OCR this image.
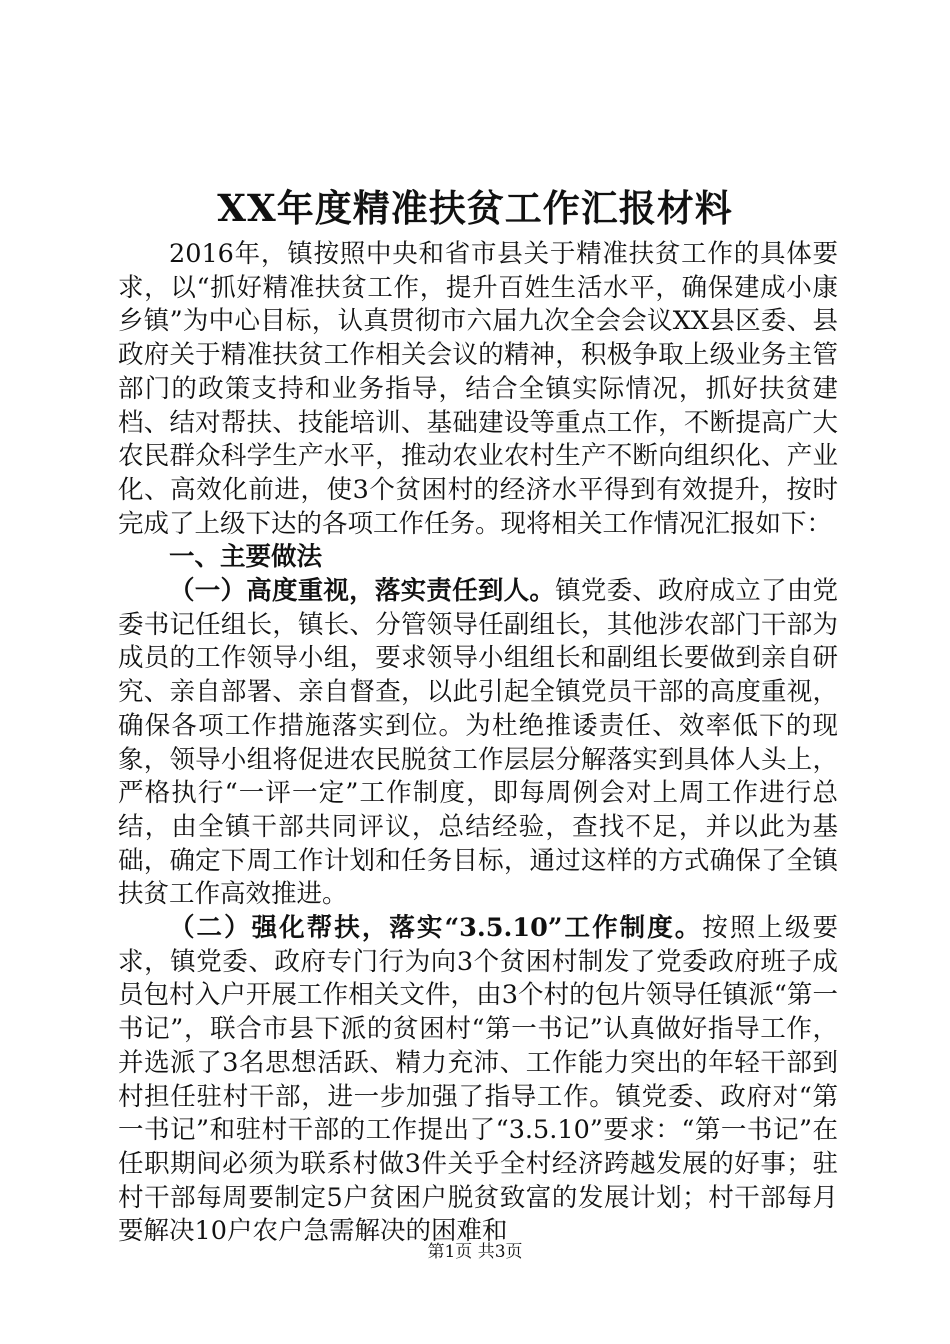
XX年度精准扶贫工作汇报材料

2016年，镇按照中央和省市县关于精准扶贫工作的具体要求，以“抓好精准扶贫工作，提升百姓生活水平，确保建成小康乡镇”为中心目标，认真贯彻市六届九次全会会议XX县区委、县政府关于精准扶贫工作相关会议的精神，积极争取上级业务主管部门的政策支持和业务指导，结合全镇实际情况，抓好扶贫建档、结对帮扶、技能培训、基础建设等重点工作，不断提高广大农民群众科学生产水平，推动农业农村生产不断向组织化、产业化、高效化前进，使3个贫困村的经济水平得到有效提升，按时完成了上级下达的各项工作任务。现将相关工作情况汇报如下：

一、主要做法

（一）高度重视，落实责任到人。镇党委、政府成立了由党委书记任组长，镇长、分管领导任副组长，其他涉农部门干部为成员的工作领导小组，要求领导小组组长和副组长要做到亲自研究、亲自部署、亲自督查，以此引起全镇党员干部的高度重视，确保各项工作措施落实到位。为杜绝推诿责任、效率低下的现象，领导小组将促进农民脱贫工作层层分解落实到具体人头上，严格执行“一评一定”工作制度，即每周例会对上周工作进行总结，由全镇干部共同评议，总结经验，查找不足，并以此为基础，确定下周工作计划和任务目标，通过这样的方式确保了全镇扶贫工作高效推进。

（二）强化帮扶，落实“3.5.10”工作制度。按照上级要求，镇党委、政府专门行为向3个贫困村制发了党委政府班子成员包村入户开展工作相关文件，由3个村的包片领导任镇派“第一书记”，联合市县下派的贫困村“第一书记”认真做好指导工作，并选派了3名思想活跃、精力充沛、工作能力突出的年轻干部到村担任驻村干部，进一步加强了指导工作。镇党委、政府对“第一书记”和驻村干部的工作提出了“3.5.10”要求：“第一书记”在任职期间必须为联系村做3件关乎全村经济跨越发展的好事；驻村干部每周要制定5户贫困户脱贫致富的发展计划；村干部每月要解决10户农户急需解决的困难和

第1页 共3页
